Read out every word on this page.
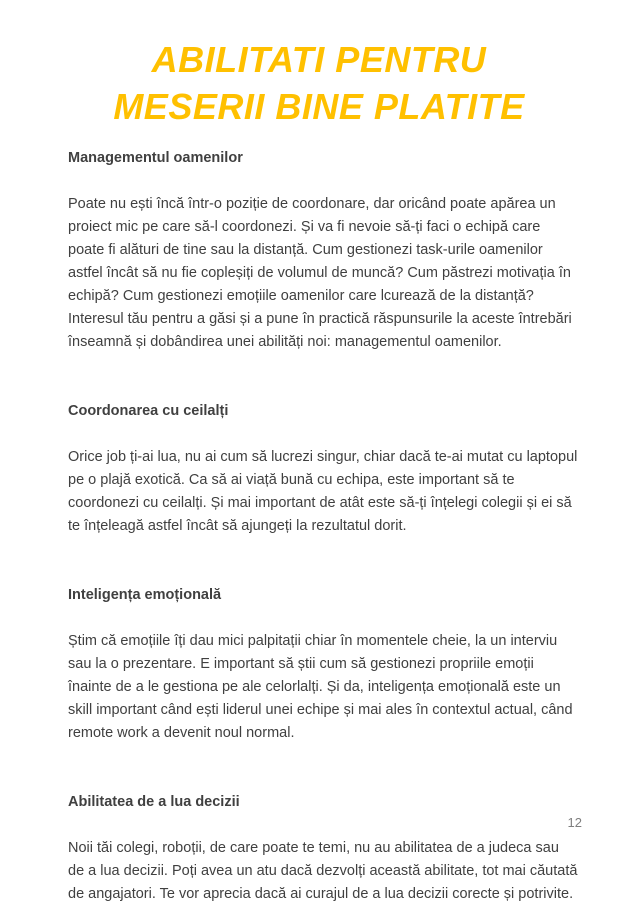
ABILITATI PENTRU
MESERII BINE PLATITE

Managementul oamenilor

Poate nu ești încă într-o poziție de coordonare, dar oricând poate apărea un proiect mic pe care să-l coordonezi. Și va fi nevoie să-ți faci o echipă care poate fi alături de tine sau la distanță. Cum gestionezi task-urile oamenilor astfel încât să nu fie copleșiți de volumul de muncă? Cum păstrezi motivația în echipă? Cum gestionezi emoțiile oamenilor care lcurează de la distanță? Interesul tău pentru a găsi și a pune în practică răspunsurile la aceste întrebări înseamnă și dobândirea unei abilități noi: managementul oamenilor.

Coordonarea cu ceilalți

Orice job ți-ai lua, nu ai cum să lucrezi singur, chiar dacă te-ai mutat cu laptopul pe o plajă exotică. Ca să ai viață bună cu echipa, este important să te coordonezi cu ceilalți. Și mai important de atât este să-ți înțelegi colegii și ei să te înțeleagă astfel încât să ajungeți la rezultatul dorit.

Inteligența emoțională

Știm că emoțiile îți dau mici palpitații chiar în momentele cheie, la un interviu sau la o prezentare. E important să știi cum să gestionezi propriile emoții înainte de a le gestiona pe ale celorlalți. Și da, inteligența emoțională este un skill important când ești liderul unei echipe și mai ales în contextul actual, când remote work a devenit noul normal.

Abilitatea de a lua decizii

Noii tăi colegi, roboții, de care poate te temi, nu au abilitatea de a judeca sau de a lua decizii. Poți avea un atu dacă dezvolți această abilitate, tot mai căutată de angajatori. Te vor aprecia dacă ai curajul de a lua decizii corecte și potrivite.

12
